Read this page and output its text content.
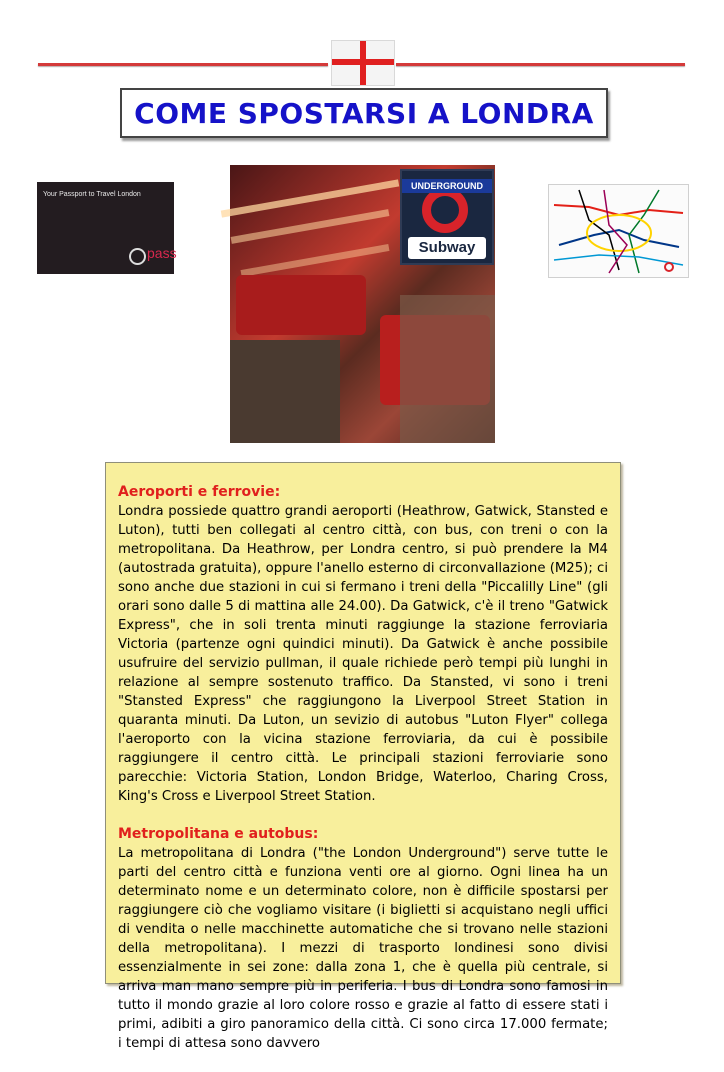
COME SPOSTARSI A LONDRA
Your Passport to Travel London
pass
UNDERGROUND
Subway

Aeroporti e ferrovie:

Londra possiede quattro grandi aeroporti (Heathrow, Gatwick, Stansted e Luton), tutti ben collegati al centro città, con bus, con treni o con la metropolitana. Da Heathrow, per Londra centro, si può prendere la M4 (autostrada gratuita), oppure l'anello esterno di circonvallazione (M25); ci sono anche due stazioni in cui si fermano i treni della "Piccalilly Line" (gli orari sono dalle 5 di mattina alle 24.00). Da Gatwick, c'è il treno "Gatwick Express", che in soli trenta minuti raggiunge la stazione ferroviaria Victoria (partenze ogni quindici minuti). Da Gatwick è anche possibile usufruire del servizio pullman, il quale richiede però tempi più lunghi in relazione al sempre sostenuto traffico. Da Stansted, vi sono i treni "Stansted Express" che raggiungono la Liverpool Street Station in quaranta minuti. Da Luton, un sevizio di autobus "Luton Flyer" collega l'aeroporto con la vicina stazione ferroviaria, da cui è possibile raggiungere il centro città. Le principali stazioni ferroviarie sono parecchie: Victoria Station, London Bridge, Waterloo, Charing Cross, King's Cross e Liverpool Street Station.

Metropolitana e autobus:

La metropolitana di Londra ("the London Underground") serve tutte le parti del centro città e funziona venti ore al giorno. Ogni linea ha un determinato nome e un determinato colore, non è difficile spostarsi per raggiungere ciò che vogliamo visitare (i biglietti si acquistano negli uffici di vendita o nelle macchinette automatiche che si trovano nelle stazioni della metropolitana). I mezzi di trasporto londinesi sono divisi essenzialmente in sei zone: dalla zona 1, che è quella più centrale, si arriva man mano sempre più in periferia. I bus di Londra sono famosi in tutto il mondo grazie al loro colore rosso e grazie al fatto di essere stati i primi, adibiti a giro panoramico della città. Ci sono circa 17.000 fermate; i tempi di attesa sono davvero
